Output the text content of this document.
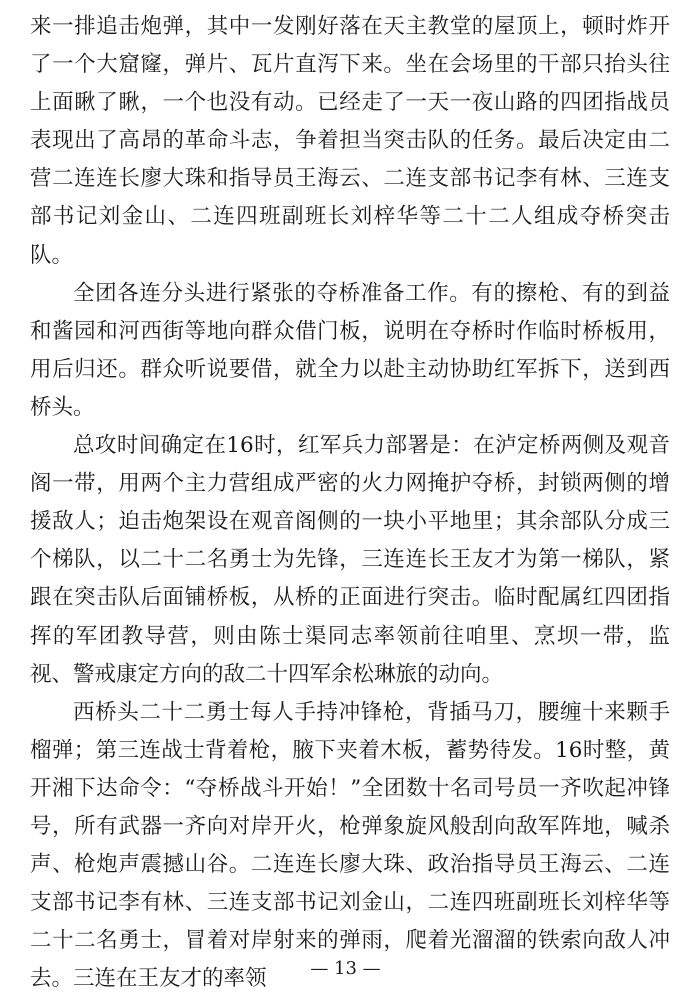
来一排追击炮弹，其中一发刚好落在天主教堂的屋顶上，顿时炸开了一个大窟窿，弹片、瓦片直泻下来。坐在会场里的干部只抬头往上面瞅了瞅，一个也没有动。已经走了一天一夜山路的四团指战员表现出了高昂的革命斗志，争着担当突击队的任务。最后决定由二营二连连长廖大珠和指导员王海云、二连支部书记李有林、三连支部书记刘金山、二连四班副班长刘梓华等二十二人组成夺桥突击队。

全团各连分头进行紧张的夺桥准备工作。有的擦枪、有的到益和酱园和河西街等地向群众借门板，说明在夺桥时作临时桥板用，用后归还。群众听说要借，就全力以赴主动协助红军拆下，送到西桥头。

总攻时间确定在16时，红军兵力部署是：在泸定桥两侧及观音阁一带，用两个主力营组成严密的火力网掩护夺桥，封锁两侧的增援敌人；迫击炮架设在观音阁侧的一块小平地里；其余部队分成三个梯队，以二十二名勇士为先锋，三连连长王友才为第一梯队，紧跟在突击队后面铺桥板，从桥的正面进行突击。临时配属红四团指挥的军团教导营，则由陈士渠同志率领前往咱里、烹坝一带，监视、警戒康定方向的敌二十四军余松琳旅的动向。

西桥头二十二勇士每人手持冲锋枪，背插马刀，腰缠十来颗手榴弹；第三连战士背着枪，腋下夹着木板，蓄势待发。16时整，黄开湘下达命令：“夺桥战斗开始！”全团数十名司号员一齐吹起冲锋号，所有武器一齐向对岸开火，枪弹象旋风般刮向敌军阵地，喊杀声、枪炮声震撼山谷。二连连长廖大珠、政治指导员王海云、二连支部书记李有林、三连支部书记刘金山，二连四班副班长刘梓华等二十二名勇士，冒着对岸射来的弹雨，爬着光溜溜的铁索向敌人冲去。三连在王友才的率领	— 13 —
